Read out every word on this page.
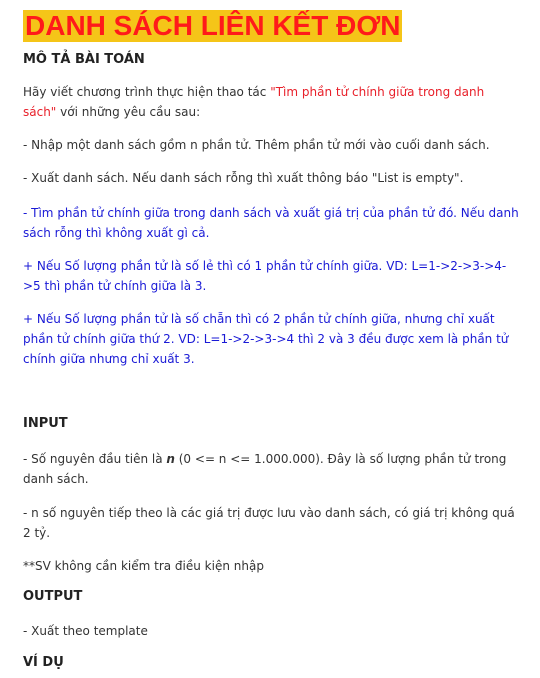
DANH SÁCH LIÊN KẾT ĐƠN
MÔ TẢ BÀI TOÁN

Hãy viết chương trình thực hiện thao tác "Tìm phần tử chính giữa trong danh sách" với những yêu cầu sau:

- Nhập một danh sách gồm n phần tử. Thêm phần tử mới vào cuối danh sách.

- Xuất danh sách. Nếu danh sách rỗng thì xuất thông báo "List is empty".

- Tìm phần tử chính giữa trong danh sách và xuất giá trị của phần tử đó. Nếu danh sách rỗng thì không xuất gì cả.

+ Nếu Số lượng phần tử là số lẻ thì có 1 phần tử chính giữa. VD: L=1->2->3->4->5 thì phần tử chính giữa là 3.

+ Nếu Số lượng phần tử là số chẵn thì có 2 phần tử chính giữa, nhưng chỉ xuất phần tử chính giữa thứ 2. VD: L=1->2->3->4 thì 2 và 3 đều được xem là phần tử chính giữa nhưng chỉ xuất 3.

INPUT

- Số nguyên đầu tiên là n (0 <= n <= 1.000.000). Đây là số lượng phần tử trong danh sách.

- n số nguyên tiếp theo là các giá trị được lưu vào danh sách, có giá trị không quá 2 tỷ.

**SV không cần kiểm tra điều kiện nhập

OUTPUT

- Xuất theo template

VÍ DỤ
